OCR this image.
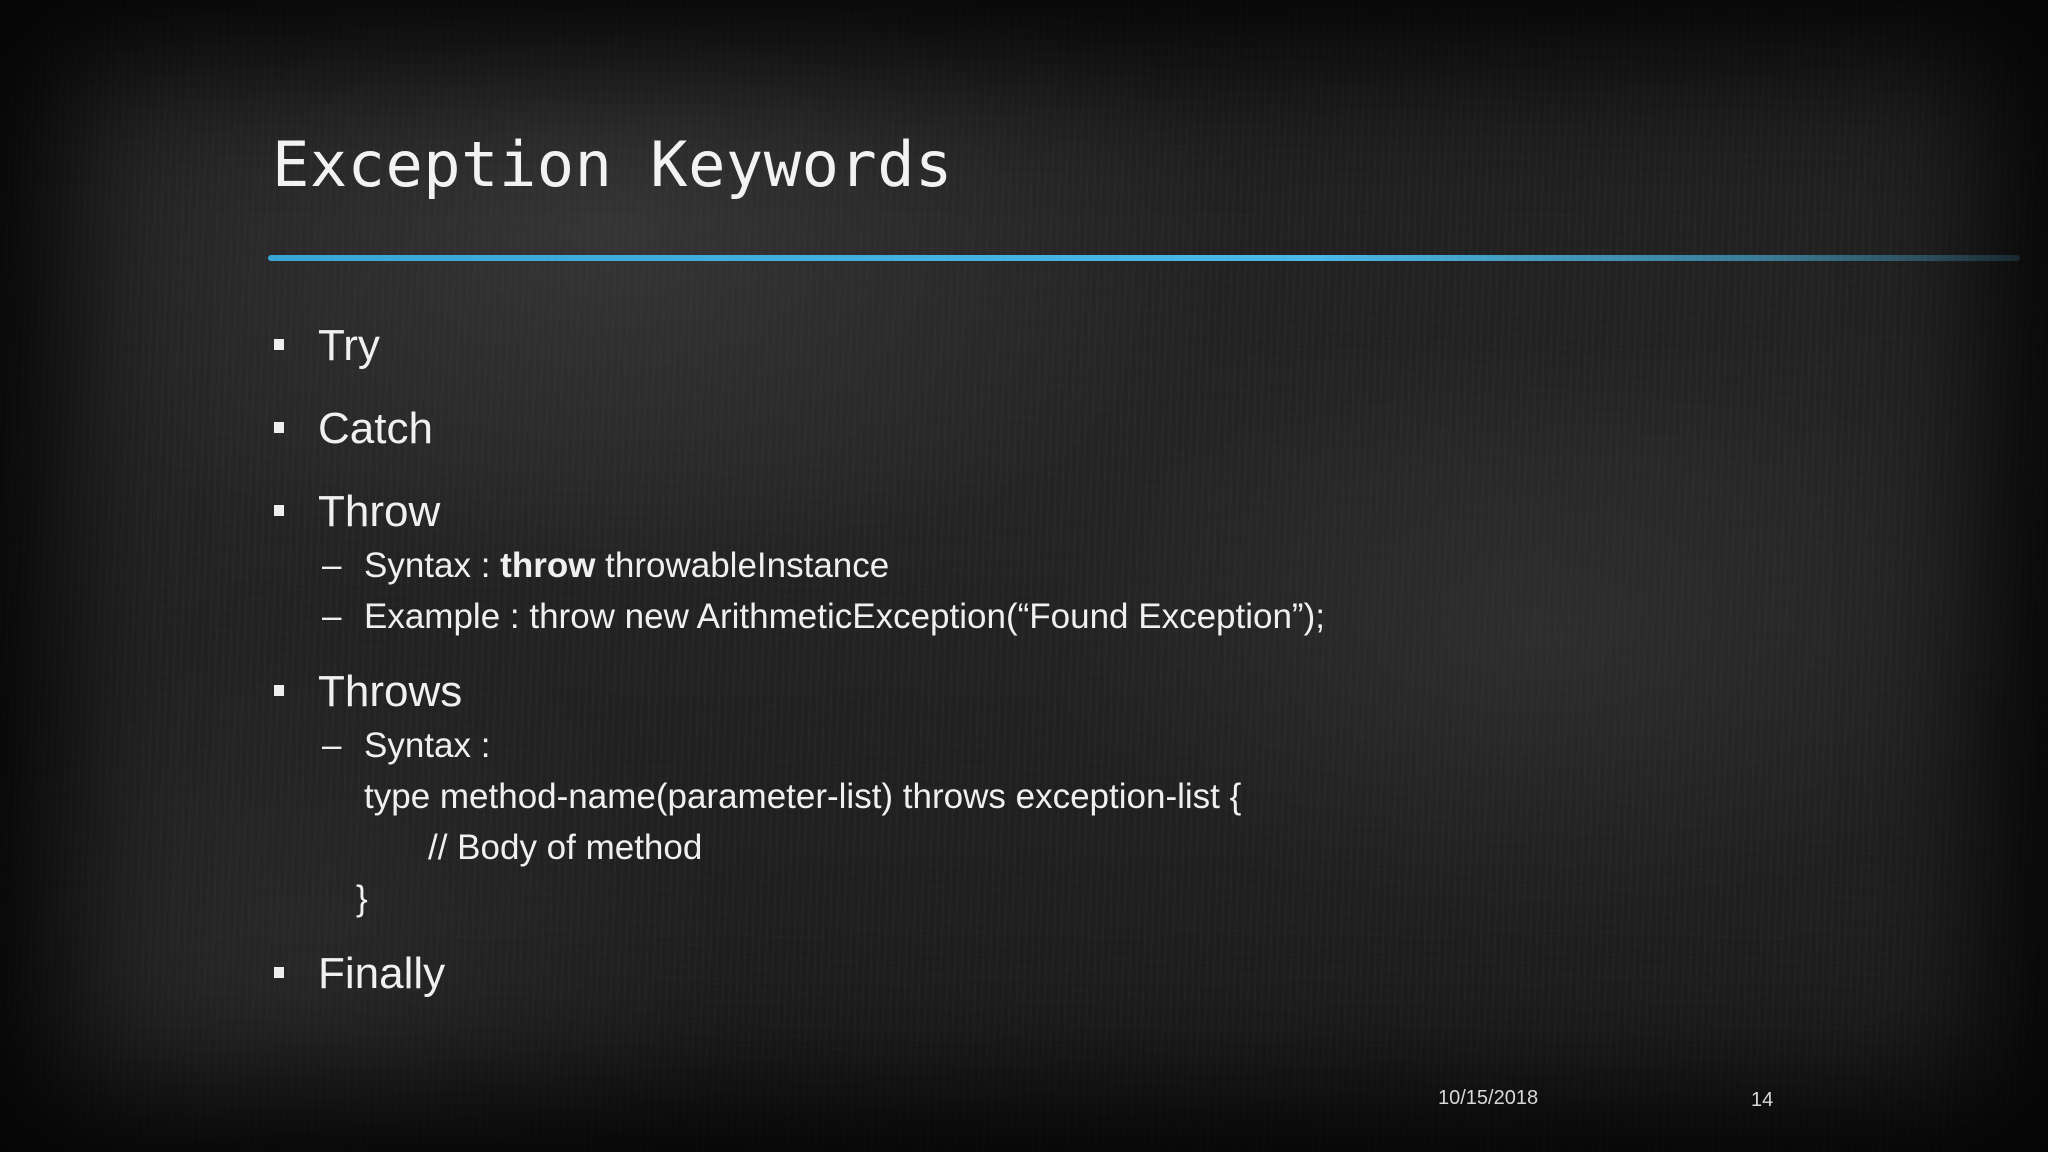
Exception Keywords
Try
Catch
Throw
– Syntax : throw throwableInstance
– Example : throw new ArithmeticException(“Found Exception”);
Throws
– Syntax :
type method-name(parameter-list) throws exception-list {
// Body of method
}
Finally
10/15/2018	14
